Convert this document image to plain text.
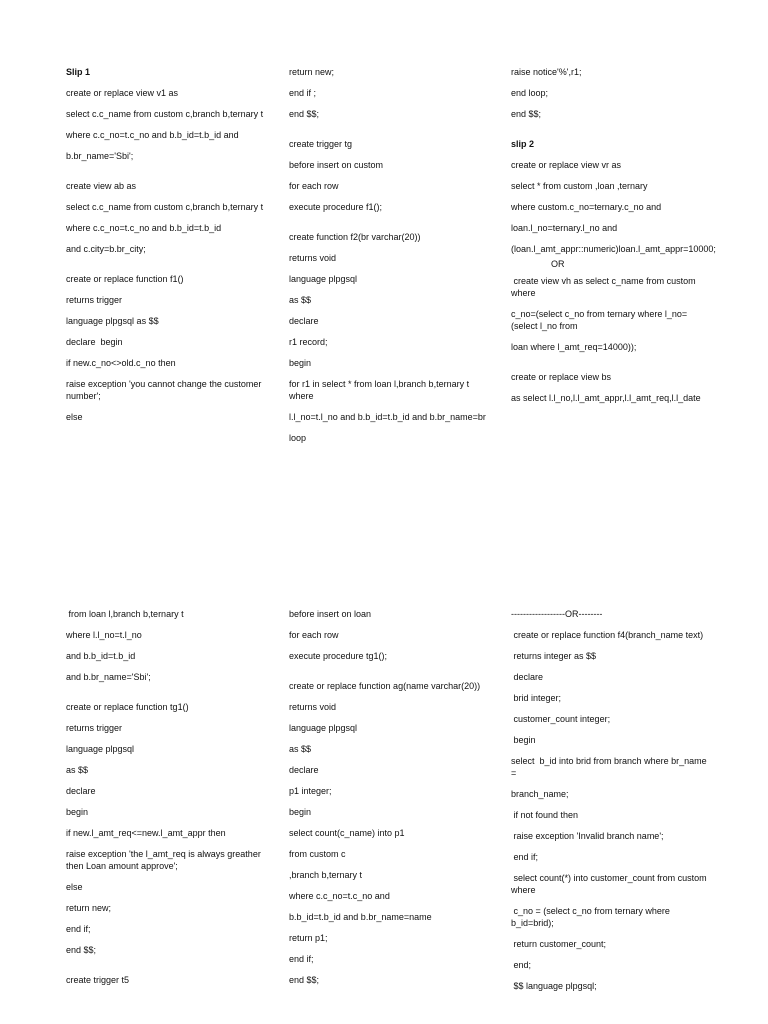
Slip 1

create or replace view v1 as

select c.c_name from custom c,branch b,ternary t

where c.c_no=t.c_no and b.b_id=t.b_id and

b.br_name='Sbi';

create view ab as

select c.c_name from custom c,branch b,ternary t

where c.c_no=t.c_no and b.b_id=t.b_id

and c.city=b.br_city;

create or replace function f1()

returns trigger

language plpgsql as $$

declare  begin

if new.c_no<>old.c_no then

raise exception 'you cannot change the customer number';

else

return new;

end if ;

end $$;

create trigger tg

before insert on custom

for each row

execute procedure f1();

create function f2(br varchar(20))

returns void

language plpgsql

as $$

declare

r1 record;

begin

for r1 in select * from loan l,branch b,ternary t where

l.l_no=t.l_no and b.b_id=t.b_id and b.br_name=br

loop

raise notice'%',r1;

end loop;

end $$;

slip 2

create or replace view vr as

select * from custom ,loan ,ternary

where custom.c_no=ternary.c_no and

loan.l_no=ternary.l_no and

(loan.l_amt_appr::numeric)loan.l_amt_appr=10000;

OR

create view vh as select c_name from custom where

c_no=(select c_no from ternary where l_no=(select l_no from

loan where l_amt_req=14000));

create or replace view bs

as select l.l_no,l.l_amt_appr,l.l_amt_req,l.l_date

from loan l,branch b,ternary t

where l.l_no=t.l_no

and b.b_id=t.b_id

and b.br_name='Sbi';

create or replace function tg1()

returns trigger

language plpgsql

as $$

declare

begin

if new.l_amt_req<=new.l_amt_appr then

raise exception 'the l_amt_req is always greather then Loan amount approve';

else

return new;

end if;

end $$;

create trigger t5

before insert on loan

for each row

execute procedure tg1();

create or replace function ag(name varchar(20))

returns void

language plpgsql

as $$

declare

p1 integer;

begin

select count(c_name) into p1

from custom c

,branch b,ternary t

where c.c_no=t.c_no and

b.b_id=t.b_id and b.br_name=name

return p1;

end if;

end $$;

------------------OR--------

create or replace function f4(branch_name text)

returns integer as $$

declare

brid integer;

customer_count integer;

begin

select  b_id into brid from branch where br_name =

branch_name;

if not found then

raise exception 'Invalid branch name';

end if;

select count(*) into customer_count from custom where

c_no = (select c_no from ternary where b_id=brid);

return customer_count;

end;

$$ language plpgsql;
